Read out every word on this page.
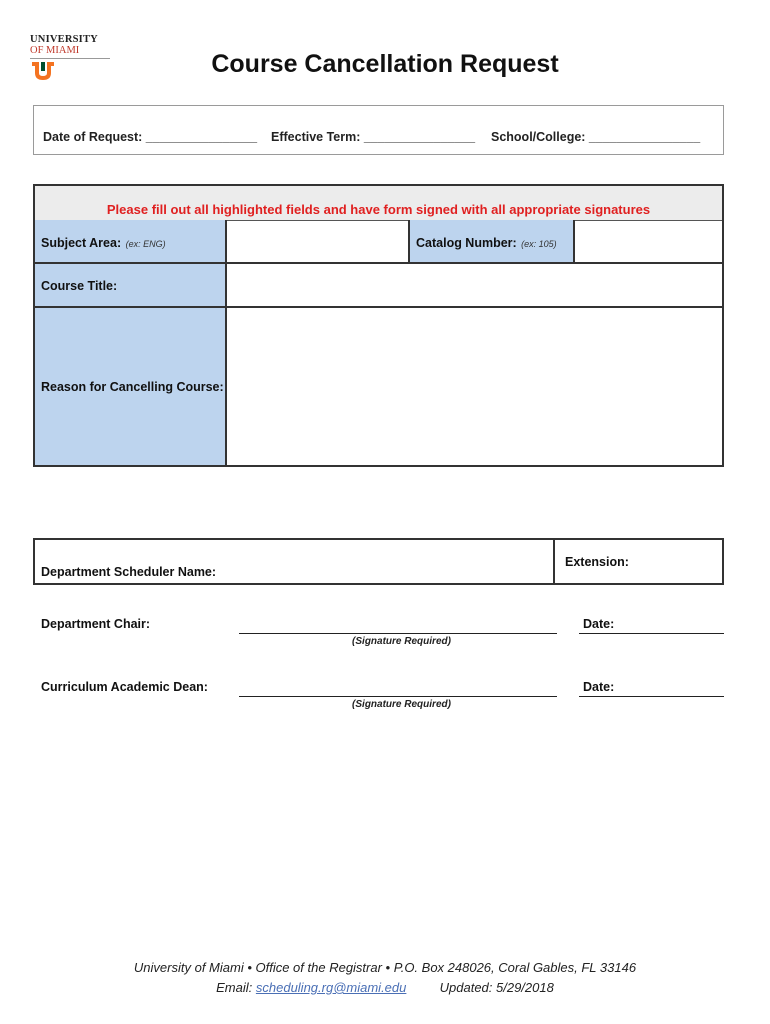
UNIVERSITY
OF MIAMI	Course Cancellation Request
Date of Request: ________________ Effective Term: ________________ School/College: ________________
Please fill out all highlighted fields and have form signed with all appropriate signatures
Subject Area: (ex: ENG)	Catalog Number: (ex: 105)
Course Title:
Reason for Cancelling Course:
Department Scheduler Name:
Extension:
Department Chair:	Date:
(Signature Required)
Curriculum Academic Dean:	Date:
(Signature Required)
University of Miami • Office of the Registrar • P.O. Box 248026, Coral Gables, FL 33146
Email: scheduling.rg@miami.edu	Updated: 5/29/2018
